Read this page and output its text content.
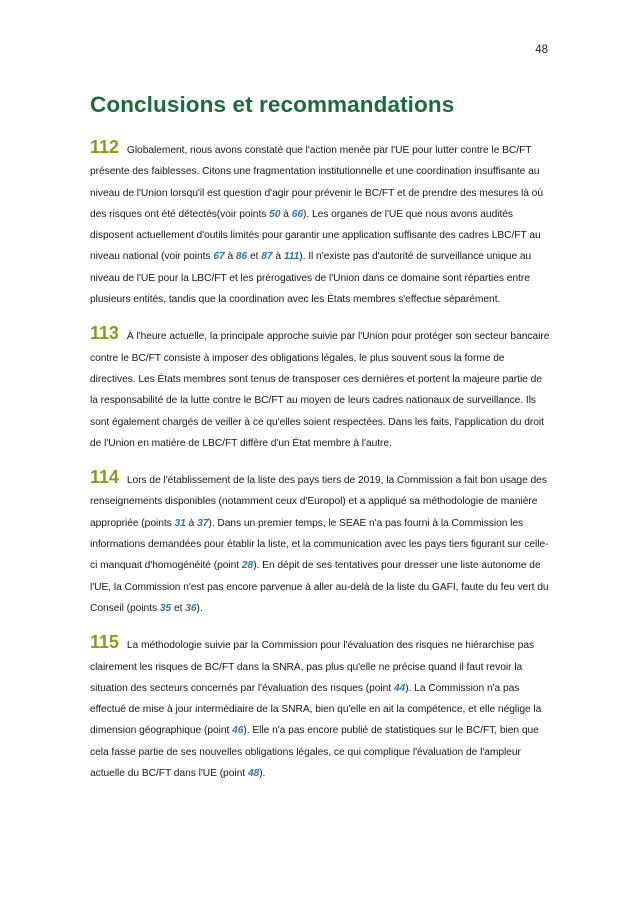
48
Conclusions et recommandations

112 Globalement, nous avons constaté que l'action menée par l'UE pour lutter contre le BC/FT présente des faiblesses. Citons une fragmentation institutionnelle et une coordination insuffisante au niveau de l'Union lorsqu'il est question d'agir pour prévenir le BC/FT et de prendre des mesures là où des risques ont été détectés(voir points 50 à 66). Les organes de l'UE que nous avons audités disposent actuellement d'outils limités pour garantir une application suffisante des cadres LBC/FT au niveau national (voir points 67 à 86 et 87 à 111). Il n'existe pas d'autorité de surveillance unique au niveau de l'UE pour la LBC/FT et les prérogatives de l'Union dans ce domaine sont réparties entre plusieurs entités, tandis que la coordination avec les États membres s'effectue séparément.

113 À l'heure actuelle, la principale approche suivie par l'Union pour protéger son secteur bancaire contre le BC/FT consiste à imposer des obligations légales, le plus souvent sous la forme de directives. Les États membres sont tenus de transposer ces dernières et portent la majeure partie de la responsabilité de la lutte contre le BC/FT au moyen de leurs cadres nationaux de surveillance. Ils sont également chargés de veiller à ce qu'elles soient respectées. Dans les faits, l'application du droit de l'Union en matière de LBC/FT diffère d'un État membre à l'autre.

114 Lors de l'établissement de la liste des pays tiers de 2019, la Commission a fait bon usage des renseignements disponibles (notamment ceux d'Europol) et a appliqué sa méthodologie de manière appropriée (points 31 à 37). Dans un premier temps, le SEAE n'a pas fourni à la Commission les informations demandées pour établir la liste, et la communication avec les pays tiers figurant sur celle-ci manquait d'homogénéité (point 28). En dépit de ses tentatives pour dresser une liste autonome de l'UE, la Commission n'est pas encore parvenue à aller au-delà de la liste du GAFI, faute du feu vert du Conseil (points 35 et 36).

115 La méthodologie suivie par la Commission pour l'évaluation des risques ne hiérarchise pas clairement les risques de BC/FT dans la SNRA, pas plus qu'elle ne précise quand il faut revoir la situation des secteurs concernés par l'évaluation des risques (point 44). La Commission n'a pas effectué de mise à jour intermédiaire de la SNRA, bien qu'elle en ait la compétence, et elle néglige la dimension géographique (point 46). Elle n'a pas encore publié de statistiques sur le BC/FT, bien que cela fasse partie de ses nouvelles obligations légales, ce qui complique l'évaluation de l'ampleur actuelle du BC/FT dans l'UE (point 48).
